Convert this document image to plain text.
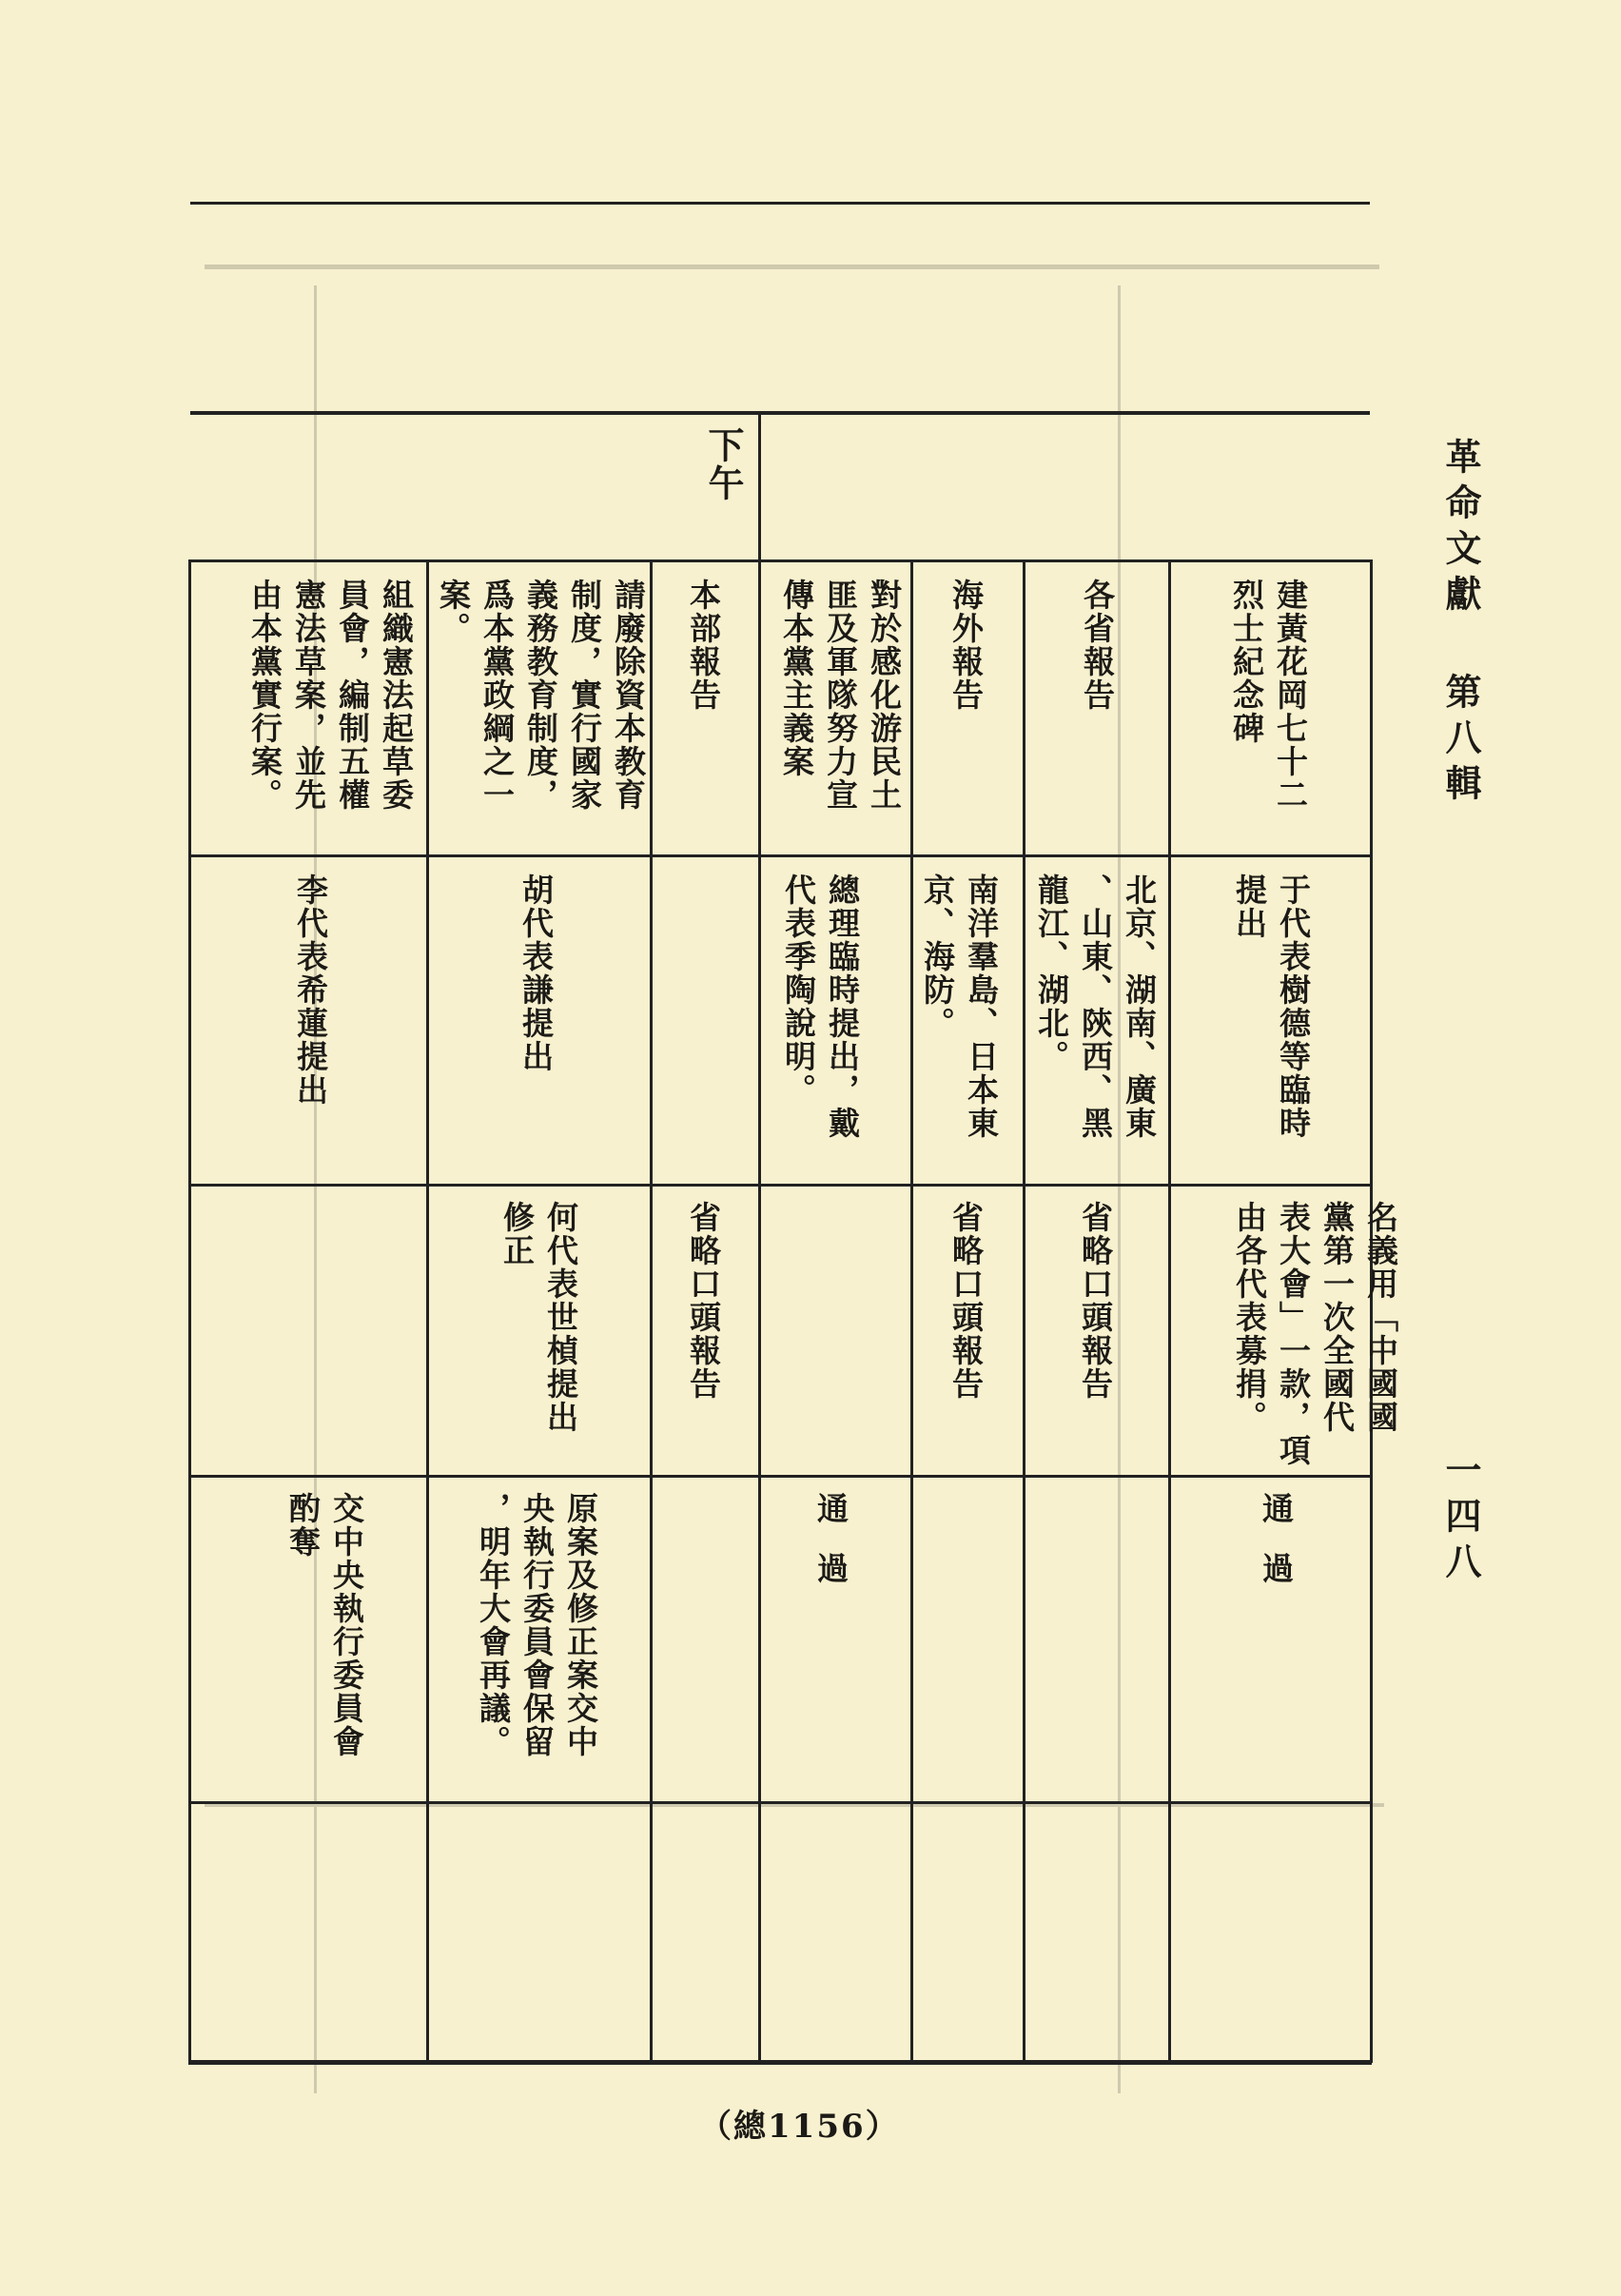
革命文獻 第八輯
一四八
下午
建黃花岡七十二
烈士紀念碑
各省報告
海外報告
對於感化游民土
匪及軍隊努力宣
傳本黨主義案
本部報告
請廢除資本教育
制度，實行國家
義務教育制度，
爲本黨政綱之一
案。
組織憲法起草委
員會，編制五權
憲法草案，並先
由本黨實行案。
于代表樹德等臨時
提出
北京、湖南、廣東
、山東、陝西、黑
龍江、湖北。
南洋羣島、日本東
京、海防。
總理臨時提出，戴
代表季陶說明。
胡代表謙提出
李代表希蓮提出
名義用「中國國
黨第一次全國代
表大會」一款，項
由各代表募捐。
省略口頭報告
省略口頭報告
省略口頭報告
何代表世楨提出
修正
通過
通過
原案及修正案交中
央執行委員會保留
，明年大會再議。
交中央執行委員會
酌奪
（總1156）
